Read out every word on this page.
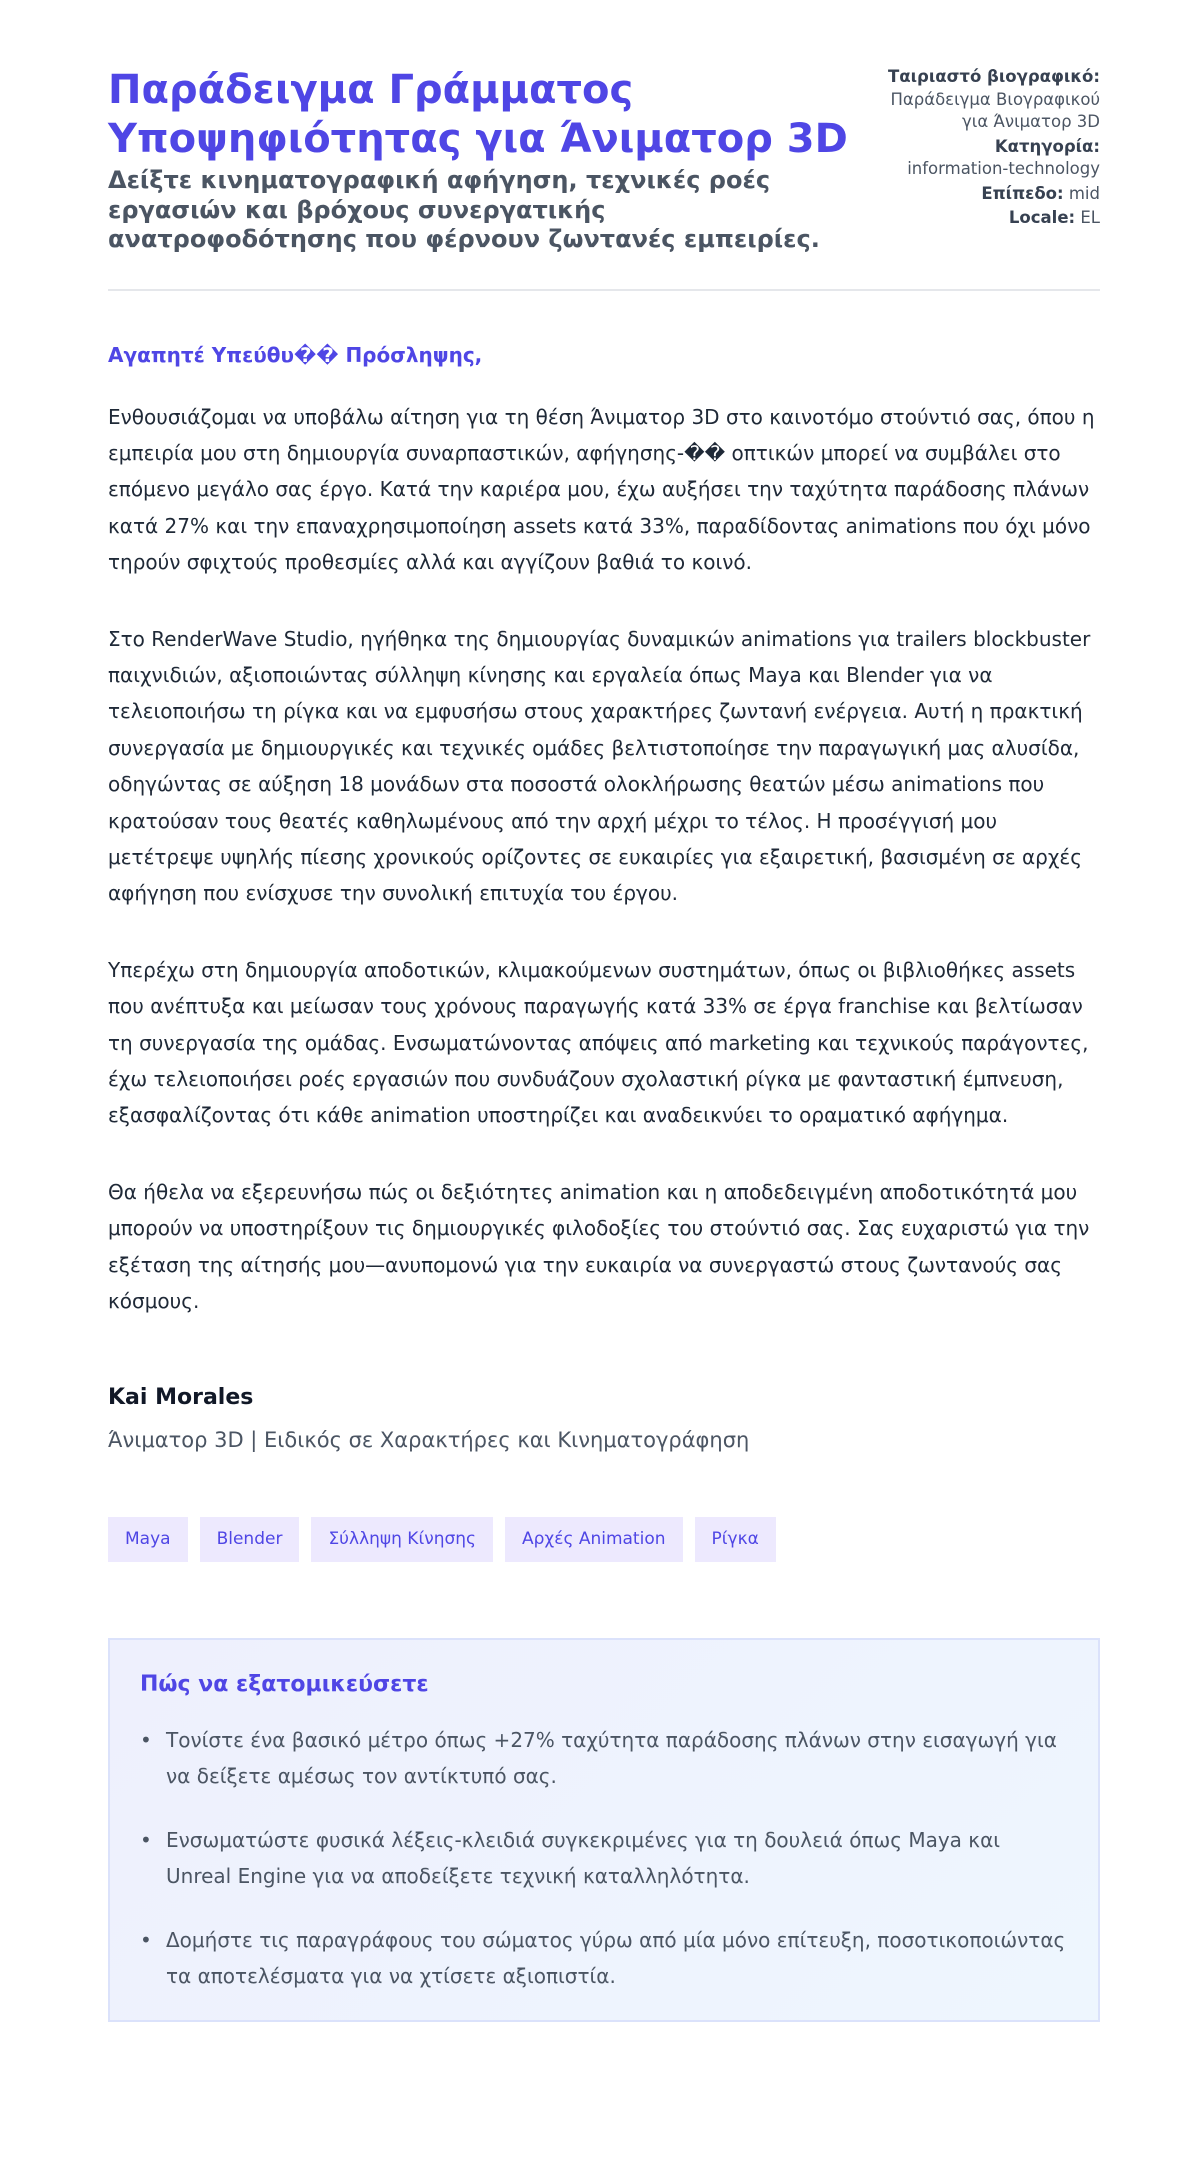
Παράδειγμα Γράμματος Υποψηφιότητας για Άνιματορ 3D
Δείξτε κινηματογραφική αφήγηση, τεχνικές ροές εργασιών και βρόχους συνεργατικής ανατροφοδότησης που φέρνουν ζωντανές εμπειρίες.
Ταιριαστό βιογραφικό:
Παράδειγμα Βιογραφικού για Άνιματορ 3D
Κατηγορία:
information-technology
Επίπεδο: mid
Locale: EL
Αγαπητέ Υπεύθυ�� Πρόσληψης,

Ενθουσιάζομαι να υποβάλω αίτηση για τη θέση Άνιματορ 3D στο καινοτόμο στούντιό σας, όπου η εμπειρία μου στη δημιουργία συναρπαστικών, αφήγησης-�� οπτικών μπορεί να συμβάλει στο επόμενο μεγάλο σας έργο. Κατά την καριέρα μου, έχω αυξήσει την ταχύτητα παράδοσης πλάνων κατά 27% και την επαναχρησιμοποίηση assets κατά 33%, παραδίδοντας animations που όχι μόνο τηρούν σφιχτούς προθεσμίες αλλά και αγγίζουν βαθιά το κοινό.

Στο RenderWave Studio, ηγήθηκα της δημιουργίας δυναμικών animations για trailers blockbuster παιχνιδιών, αξιοποιώντας σύλληψη κίνησης και εργαλεία όπως Maya και Blender για να τελειοποιήσω τη ρίγκα και να εμφυσήσω στους χαρακτήρες ζωντανή ενέργεια. Αυτή η πρακτική συνεργασία με δημιουργικές και τεχνικές ομάδες βελτιστοποίησε την παραγωγική μας αλυσίδα, οδηγώντας σε αύξηση 18 μονάδων στα ποσοστά ολοκλήρωσης θεατών μέσω animations που κρατούσαν τους θεατές καθηλωμένους από την αρχή μέχρι το τέλος. Η προσέγγισή μου μετέτρεψε υψηλής πίεσης χρονικούς ορίζοντες σε ευκαιρίες για εξαιρετική, βασισμένη σε αρχές αφήγηση που ενίσχυσε την συνολική επιτυχία του έργου.

Υπερέχω στη δημιουργία αποδοτικών, κλιμακούμενων συστημάτων, όπως οι βιβλιοθήκες assets που ανέπτυξα και μείωσαν τους χρόνους παραγωγής κατά 33% σε έργα franchise και βελτίωσαν τη συνεργασία της ομάδας. Ενσωματώνοντας απόψεις από marketing και τεχνικούς παράγοντες, έχω τελειοποιήσει ροές εργασιών που συνδυάζουν σχολαστική ρίγκα με φανταστική έμπνευση, εξασφαλίζοντας ότι κάθε animation υποστηρίζει και αναδεικνύει το οραματικό αφήγημα.

Θα ήθελα να εξερευνήσω πώς οι δεξιότητες animation και η αποδεδειγμένη αποδοτικότητά μου μπορούν να υποστηρίξουν τις δημιουργικές φιλοδοξίες του στούντιό σας. Σας ευχαριστώ για την εξέταση της αίτησής μου—ανυπομονώ για την ευκαιρία να συνεργαστώ στους ζωντανούς σας κόσμους.

Kai Morales
Άνιματορ 3D | Ειδικός σε Χαρακτήρες και Κινηματογράφηση
Maya	Blender	Σύλληψη Κίνησης	Αρχές Animation	Ρίγκα
Πώς να εξατομικεύσετε
• Τονίστε ένα βασικό μέτρο όπως +27% ταχύτητα παράδοσης πλάνων στην εισαγωγή για να δείξετε αμέσως τον αντίκτυπό σας.
• Ενσωματώστε φυσικά λέξεις-κλειδιά συγκεκριμένες για τη δουλειά όπως Maya και Unreal Engine για να αποδείξετε τεχνική καταλληλότητα.
• Δομήστε τις παραγράφους του σώματος γύρω από μία μόνο επίτευξη, ποσοτικοποιώντας τα αποτελέσματα για να χτίσετε αξιοπιστία.
